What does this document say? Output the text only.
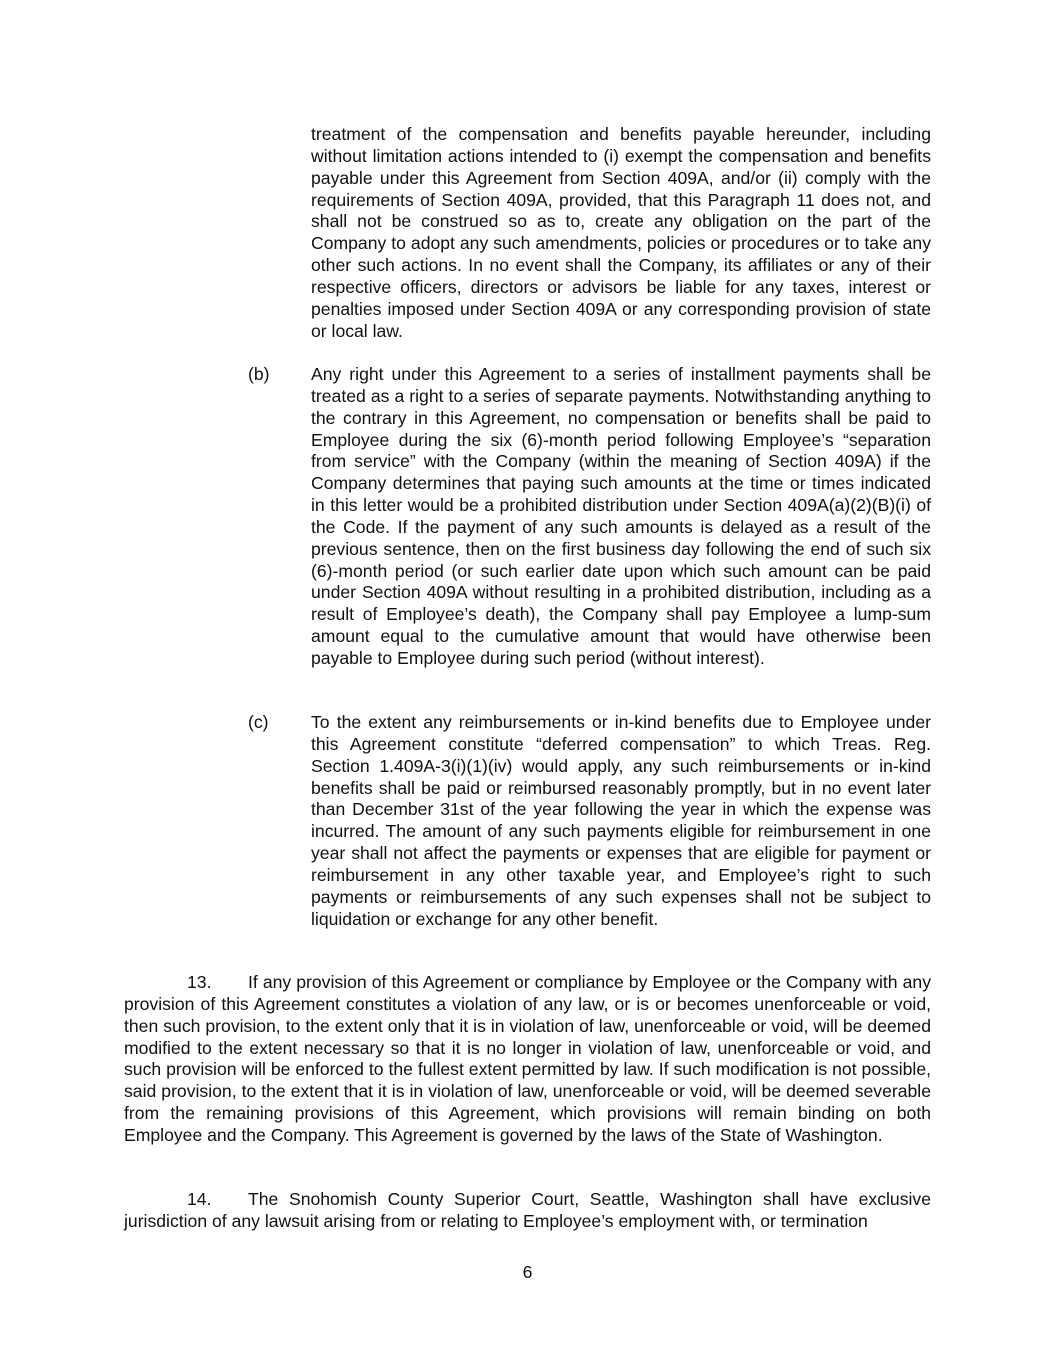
treatment of the compensation and benefits payable hereunder, including without limitation actions intended to (i) exempt the compensation and benefits payable under this Agreement from Section 409A, and/or (ii) comply with the requirements of Section 409A, provided, that this Paragraph 11 does not, and shall not be construed so as to, create any obligation on the part of the Company to adopt any such amendments, policies or procedures or to take any other such actions. In no event shall the Company, its affiliates or any of their respective officers, directors or advisors be liable for any taxes, interest or penalties imposed under Section 409A or any corresponding provision of state or local law.

(b)	Any right under this Agreement to a series of installment payments shall be treated as a right to a series of separate payments. Notwithstanding anything to the contrary in this Agreement, no compensation or benefits shall be paid to Employee during the six (6)-month period following Employee’s “separation from service” with the Company (within the meaning of Section 409A) if the Company determines that paying such amounts at the time or times indicated in this letter would be a prohibited distribution under Section 409A(a)(2)(B)(i) of the Code. If the payment of any such amounts is delayed as a result of the previous sentence, then on the first business day following the end of such six (6)-month period (or such earlier date upon which such amount can be paid under Section 409A without resulting in a prohibited distribution, including as a result of Employee’s death), the Company shall pay Employee a lump-sum amount equal to the cumulative amount that would have otherwise been payable to Employee during such period (without interest).

(c)	To the extent any reimbursements or in-kind benefits due to Employee under this Agreement constitute “deferred compensation” to which Treas. Reg. Section 1.409A-3(i)(1)(iv) would apply, any such reimbursements or in-kind benefits shall be paid or reimbursed reasonably promptly, but in no event later than December 31st of the year following the year in which the expense was incurred. The amount of any such payments eligible for reimbursement in one year shall not affect the payments or expenses that are eligible for payment or reimbursement in any other taxable year, and Employee’s right to such payments or reimbursements of any such expenses shall not be subject to liquidation or exchange for any other benefit.

13. If any provision of this Agreement or compliance by Employee or the Company with any provision of this Agreement constitutes a violation of any law, or is or becomes unenforceable or void, then such provision, to the extent only that it is in violation of law, unenforceable or void, will be deemed modified to the extent necessary so that it is no longer in violation of law, unenforceable or void, and such provision will be enforced to the fullest extent permitted by law. If such modification is not possible, said provision, to the extent that it is in violation of law, unenforceable or void, will be deemed severable from the remaining provisions of this Agreement, which provisions will remain binding on both Employee and the Company. This Agreement is governed by the laws of the State of Washington.

14. The Snohomish County Superior Court, Seattle, Washington shall have exclusive jurisdiction of any lawsuit arising from or relating to Employee’s employment with, or termination

6
